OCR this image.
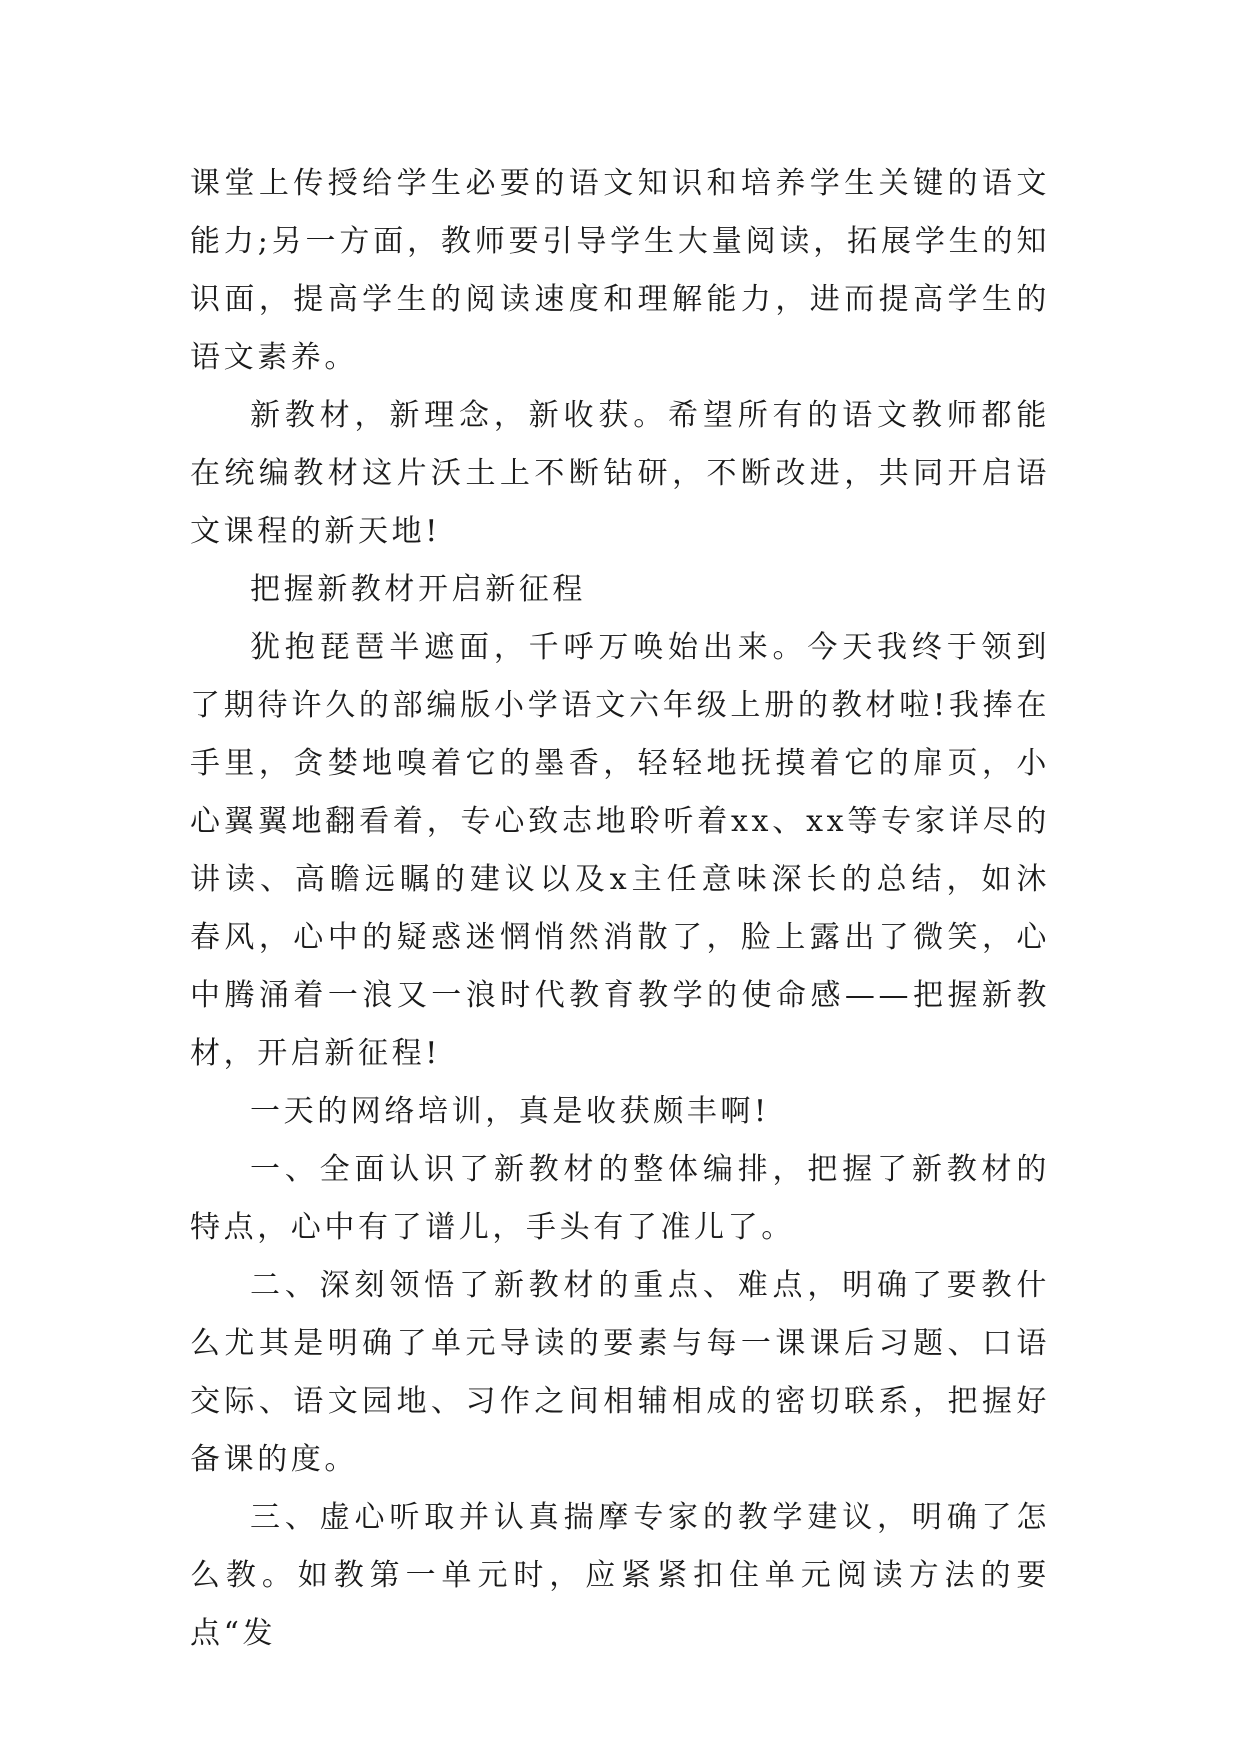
课堂上传授给学生必要的语文知识和培养学生关键的语文能力;另一方面，教师要引导学生大量阅读，拓展学生的知识面，提高学生的阅读速度和理解能力，进而提高学生的语文素养。

新教材，新理念，新收获。希望所有的语文教师都能在统编教材这片沃土上不断钻研，不断改进，共同开启语文课程的新天地!

把握新教材开启新征程

犹抱琵琶半遮面，千呼万唤始出来。今天我终于领到了期待许久的部编版小学语文六年级上册的教材啦!我捧在手里，贪婪地嗅着它的墨香，轻轻地抚摸着它的扉页，小心翼翼地翻看着，专心致志地聆听着xx、xx等专家详尽的讲读、高瞻远瞩的建议以及x主任意味深长的总结，如沐春风，心中的疑惑迷惘悄然消散了，脸上露出了微笑，心中腾涌着一浪又一浪时代教育教学的使命感——把握新教材，开启新征程!

一天的网络培训，真是收获颇丰啊!

一、全面认识了新教材的整体编排，把握了新教材的特点，心中有了谱儿，手头有了准儿了。

二、深刻领悟了新教材的重点、难点，明确了要教什么尤其是明确了单元导读的要素与每一课课后习题、口语交际、语文园地、习作之间相辅相成的密切联系，把握好备课的度。

三、虚心听取并认真揣摩专家的教学建议，明确了怎么教。如教第一单元时，应紧紧扣住单元阅读方法的要点“发
